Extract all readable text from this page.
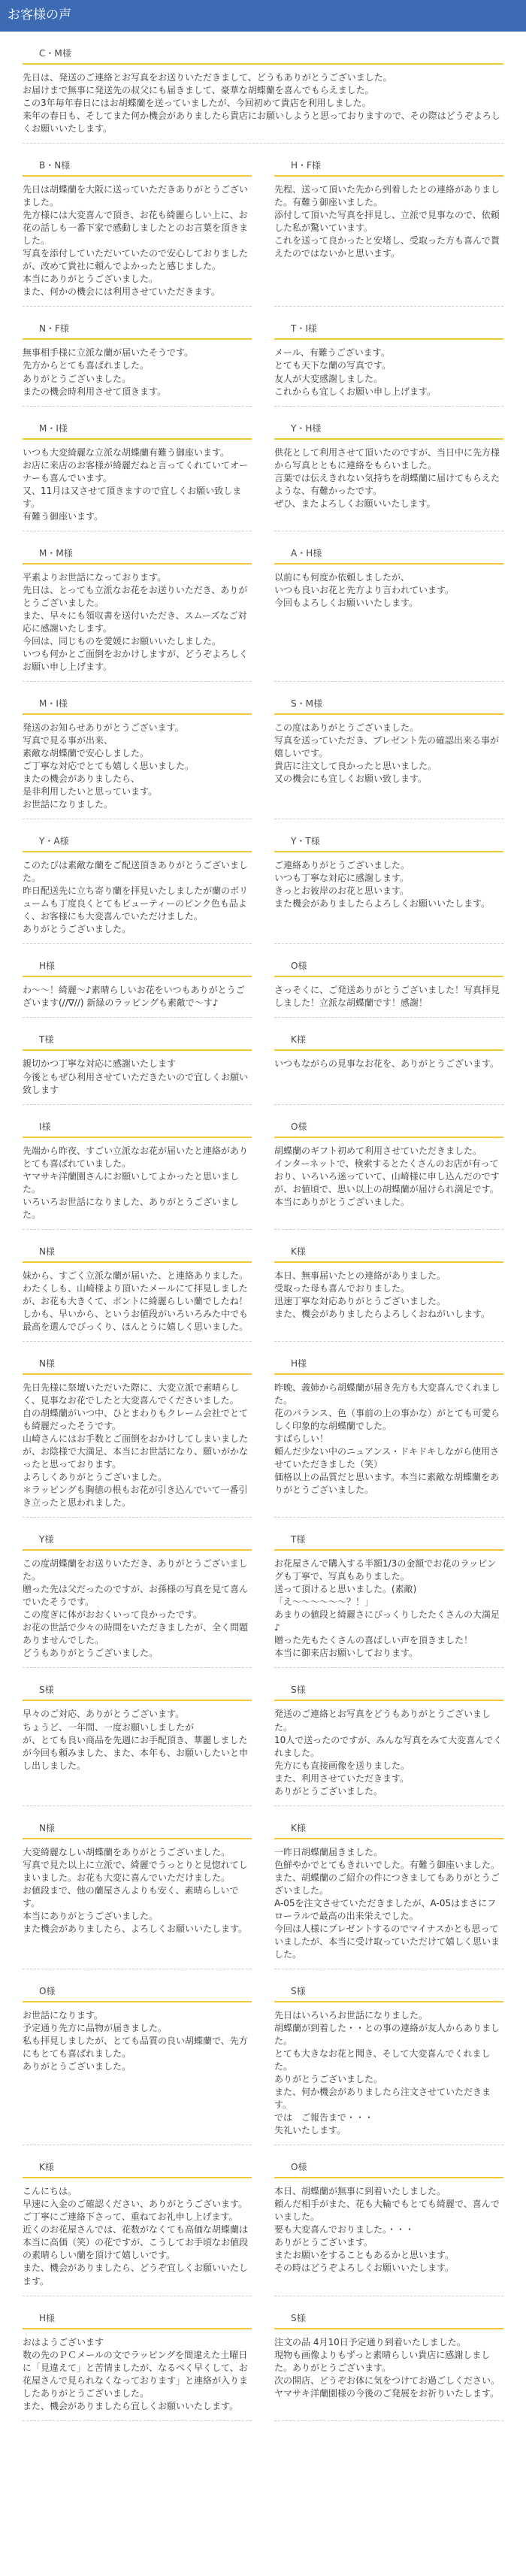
お客様の声
C・M様
先日は、発送のご連絡とお写真をお送りいただきまして、どうもありがとうございました。
お届けまで無事に発送先の叔父にも届きまして、豪華な胡蝶蘭を喜んでもらえました。
この3年毎年春日にはお胡蝶蘭を送っていましたが、今回初めて貴店を利用しました。
来年の春日も、そしてまた何か機会がありましたら貴店にお願いしようと思っておりますので、その際はどうぞよろしくお願いいたします。
B・N様
先日は胡蝶蘭を大阪に送っていただきありがとうございました。
先方様には大変喜んで頂き、お花も綺麗らしい上に、お花の話しも一番下家で感動しましたとのお言葉を頂きました。
写真を添付していただいていたので安心しておりましたが、改めて貴社に頼んでよかったと感じました。
本当にありがとうございました。
また、何かの機会には利用させていただきます。
H・F様
先程、送って頂いた先から到着したとの連絡がありました。有難う御座いました。
添付して頂いた写真を拝見し、立派で見事なので、依頼した私が驚いています。
これを送って良かったと安堵し、受取った方も喜んで貰えたのではないかと思います。
N・F様
無事相手様に立派な蘭が届いたそうです。
先方からとても喜ばれました。
ありがとうございました。
またの機会時利用させて頂きます。
T・I様
メール、有難うございます。
とても天下な蘭の写真です。
友人が大変感謝しました。
これからも宜しくお願い申し上げます。
M・I様
いつも大変綺麗な立派な胡蝶蘭有難う御座います。
お店に来店のお客様が綺麗だねと言ってくれていてオーナーも喜んでいます。
又、11月は又させて頂きますので宜しくお願い致します。
有難う御座います。
Y・H様
供花として利用させて頂いたのですが、当日中に先方様から写真とともに連絡をもらいました。
言葉では伝えきれない気持ちを胡蝶蘭に届けてもらえたような、有難かったです。
ぜひ、またよろしくお願いいたします。
M・M様
平素よりお世話になっております。
先日は、とっても立派なお花をお送りいただき、ありがとうございました。
また、早々にも領収書を送付いただき、スムーズなご対応に感謝いたします。
今回は、同じものを愛媛にお願いいたしました。
いつも何かとご面倒をおかけしますが、どうぞよろしくお願い申し上げます。
A・H様
以前にも何度か依頼しましたが、
いつも良いお花と先方より言われています。
今回もよろしくお願いいたします。
M・I様
発送のお知らせありがとうございます。
写真で見る事が出来、
素敵な胡蝶蘭で安心しました。
ご丁寧な対応でとても嬉しく思いました。
またの機会がありましたら、
是非利用したいと思っています。
お世話になりました。
S・M様
この度はありがとうございました。
写真を送っていただき、プレゼント先の確認出来る事が嬉しいです。
貴店に注文して良かったと思いました。
又の機会にも宜しくお願い致します。
Y・A様
このたびは素敵な蘭をご配送頂きありがとうございました。
昨日配送先に立ち寄り蘭を拝見いたしましたが蘭のボリュームも丁度良くとてもビューティーのピンク色も品よく、お客様にも大変喜んでいただけました。
ありがとうございました。
Y・T様
ご連絡ありがとうございました。
いつも丁寧な対応に感謝します。
きっとお彼岸のお花と思います。
また機会がありましたらよろしくお願いいたします。
H様
わ〜〜！綺麗〜♪素晴らしいお花をいつもありがとうございます(//∇//) 新緑のラッピングも素敵で〜す♪
O様
さっそくに、ご発送ありがとうございました！写真拝見しました！立派な胡蝶蘭です！感謝！
T様
親切かつ丁寧な対応に感謝いたします
今後ともぜひ利用させていただきたいので宜しくお願い致します
K様
いつもながらの見事なお花を、ありがとうございます。
I様
先端から昨夜、すごい立派なお花が届いたと連絡がありとても喜ばれていました。
ヤマサキ洋蘭園さんにお願いしてよかったと思いました。
いろいろお世話になりました、ありがとうございました。
O様
胡蝶蘭のギフト初めて利用させていただきました。
インターネットで、検索するとたくさんのお店が有っており、いろいろ迷っていて、山崎様に申し込んだのですが、お値頃で、思い以上の胡蝶蘭が届けられ満足です。
本当にありがとうございました。
N様
妹から、すごく立派な蘭が届いた、と連絡ありました。
わたくしも、山崎様より頂いたメールにて拝見しましたが、お花も大きくて、ポントに綺麗らしい蘭でしたね！
しかも、早いから、というお値段がいろいろみた中でも最高を選んでびっくり、ほんとうに嬉しく思いました。
K様
本日、無事届いたとの連絡がありました。
受取った母も喜んでおりました。
迅速丁寧な対応ありがとうございました。
また、機会がありましたらよろしくおねがいします。
N様
先日先様に祭壇いただいた際に、大変立派で素晴らしく、見事なお花でしたと大変喜んでくださいました。
自の胡蝶蘭がいつ中、ひとまわりもクレーム会社でとても綺麗だったそうです。
山崎さんにはお手数とご面倒をおかけしてしまいましたが、お陰様で大満足、本当にお世話になり、願いがかなったと思っております。
よろしくありがとうございました。
＊ラッピングも胸徳の根もお花が引き込んでいて一番引き立ったと思われました。
H様
昨晩、義姉から胡蝶蘭が届き先方も大変喜んでくれました。
花のバランス、色（事前の上の事かな）がとても可愛らしく印象的な胡蝶蘭でした。
すばらしい！
頼んだ少ない中のニュアンス・ドキドキしながら使用させていただきました（笑）
価格以上の品質だと思います。本当に素敵な胡蝶蘭をありがとうございました。
Y様
この度胡蝶蘭をお送りいただき、ありがとうございました。
贈った先は父だったのですが、お孫様の写真を見て喜んでいたそうです。
この度ぎに体がおおくいって良かったです。
お花の世話で少々の時間をいただきましたが、全く問題ありませんでした。
どうもありがとうございました。
T様
お花屋さんで購入する半額1/3の金額でお花のラッピングも丁寧で、写真もありました。
送って頂けると思いました。(素敵)
「え〜〜〜〜〜〜？！」
あまりの値段と綺麗さにびっくりしたたくさんの大満足♪
贈った先もたくさんの喜ばしい声を頂きました！
本当に御来店お願いしております。
S様
早々のご対応、ありがとうございます。
ちょうど、一年間、一度お願いしましたが
が、とても良い商品を先週にお手配頂き、華麗しましたが今回も頼みました、また、本年も、お願いしたいと申し出しました。
S様
発送のご連絡とお写真をどうもありがとうございました。
10人で送ったのですが、みんな写真をみて大変喜んでくれました。
先方にも直接画像を送りました。
また、利用させていただきます。
ありがとうございました。
N様
大変綺麗なしい胡蝶蘭をありがとうございました。
写真で見た以上に立派で、綺麗でうっとりと見惚れてしまいました。お花も大変に喜んでいただけました。
お値段まで、他の蘭屋さんよりも安く、素晴らしいです。
本当にありがとうございました。
また機会がありましたら、よろしくお願いいたします。
K様
一昨日胡蝶蘭届きました。
色鮮やかでとてもきれいでした。有難う御座いました。
また、胡蝶蘭のご紹介の件につきましてもありがとうございました。
A-05を注文させていただきましたが、A-05はまさにフローラルで最高の出来栄えでした。
今回は人様にプレゼントするのでマイナスかとも思っていましたが、本当に受け取っていただけて嬉しく思いました。
O様
お世話になります。
予定通り先方に品物が届きました。
私も拝見しましたが、とても品質の良い胡蝶蘭で、先方にもとても喜ばれました。
ありがとうございました。
S様
先日はいろいろお世話になりました。
胡蝶蘭が到着した・・との事の連絡が友人からありました。
とても大きなお花と聞き、そして大変喜んでくれました。
ありがとうございました。
また、何か機会がありましたら注文させていただきます。
では　ご報告まで・・・
失礼いたします。
K様
こんにちは。
早速に入金のご確認ください、ありがとうございます。
ご丁寧にご連絡下さって、重ねてお礼申し上げます。
近くのお花屋さんでは、花数がなくても高価な胡蝶蘭は本当に高価（笑）の花ですが、こうしてお手頃なお値段の素晴らしい蘭を頂けて嬉しいです。
また、機会がありましたら、どうぞ宜しくお願いいたします。
O様
本日、胡蝶蘭が無事に到着いたしました。
頼んだ相手がまた、花も大輪でもとても綺麗で、喜んでいました。
要も大変喜んでおりました。・・・
ありがとうございます。
またお願いをすることもあるかと思います。
その時はどうぞよろしくお願いいたします。
H様
おはようございます
数の先のＰＣメールの文でラッピングを間違えた土曜日に「見違えて」と苦情ましたが、なるべく早くして、お花屋さんで見られなくなっております」と連絡が入りましたありがとうございました。
また、機会がありましたら宜しくお願いいたします。
S様
注文の品 4月10日予定通り到着いたしました。
現物も画像よりもずっと素晴らしい貴店に感謝しました。ありがとうございます。
次の開店、どうぞお体に気をつけてお過ごしください。
ヤマサキ洋蘭園様の今後のご発展をお祈りいたします。
